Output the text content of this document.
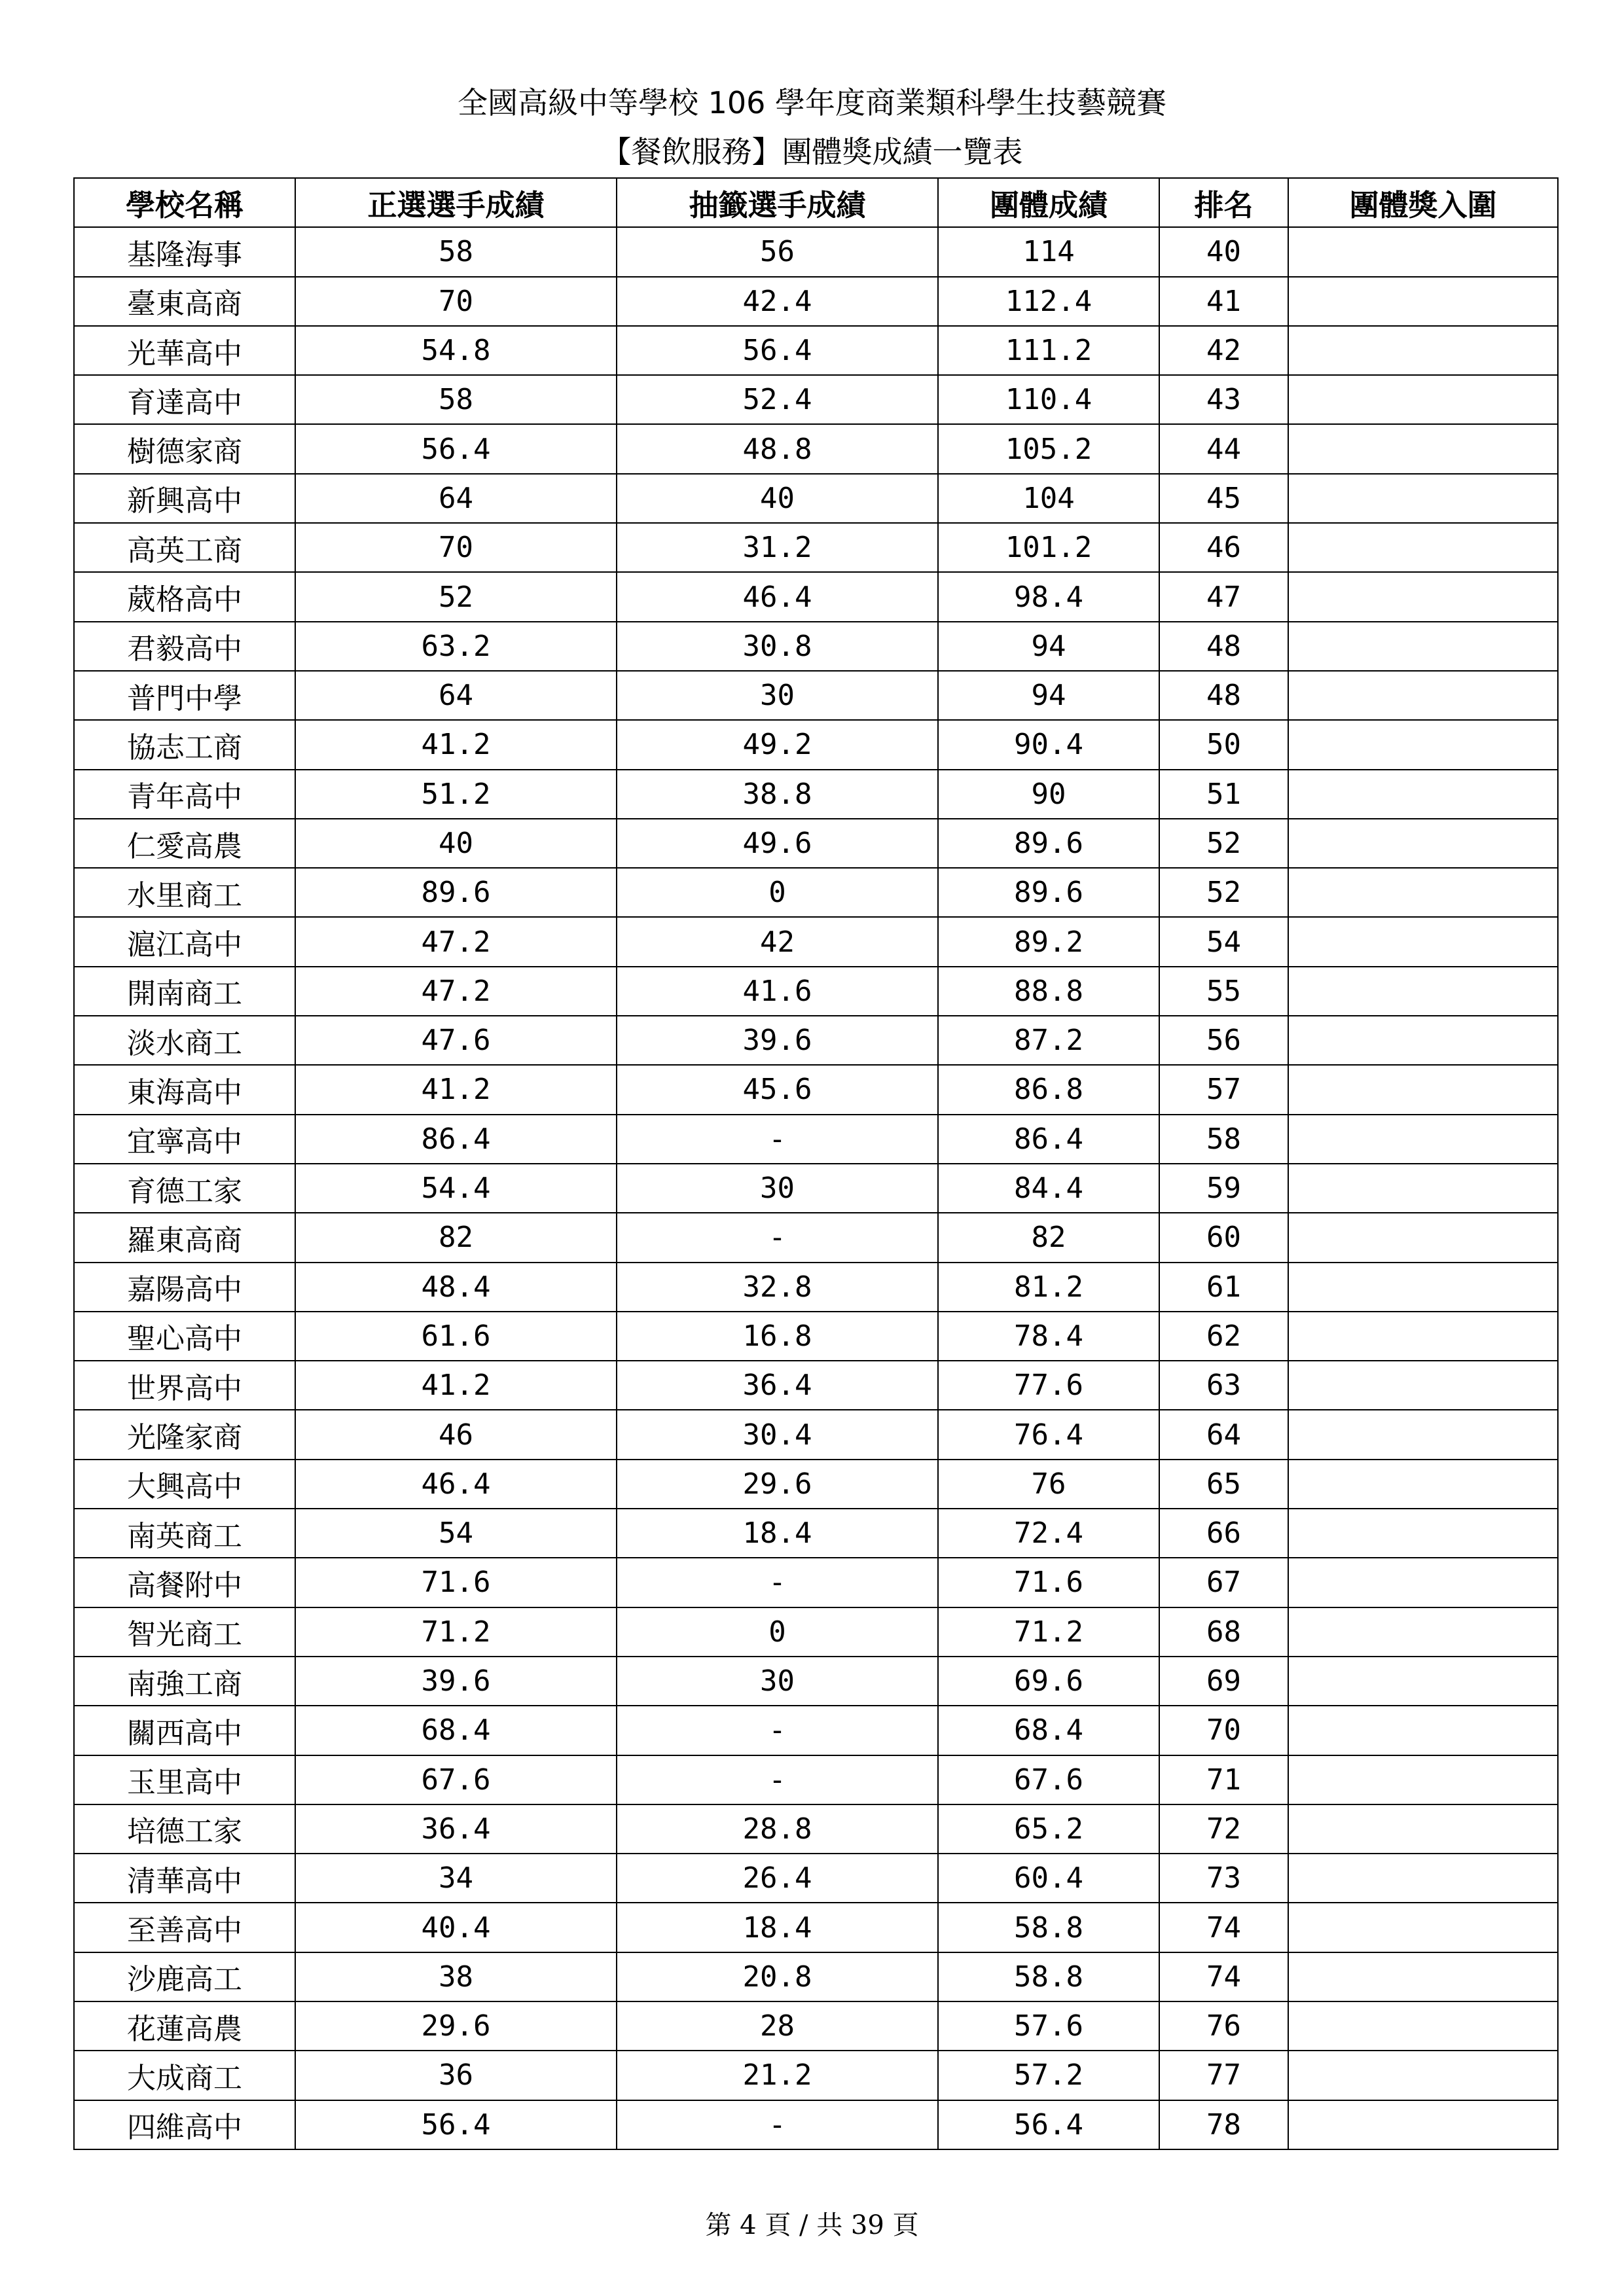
全國高級中等學校 106 學年度商業類科學生技藝競賽
【餐飲服務】團體獎成績一覽表
學校名稱	正選選手成績	抽籤選手成績	團體成績	排名	團體獎入圍
基隆海事	58	56	114	40	
臺東高商	70	42.4	112.4	41	
光華高中	54.8	56.4	111.2	42	
育達高中	58	52.4	110.4	43	
樹德家商	56.4	48.8	105.2	44	
新興高中	64	40	104	45	
高英工商	70	31.2	101.2	46	
葳格高中	52	46.4	98.4	47	
君毅高中	63.2	30.8	94	48	
普門中學	64	30	94	48	
協志工商	41.2	49.2	90.4	50	
青年高中	51.2	38.8	90	51	
仁愛高農	40	49.6	89.6	52	
水里商工	89.6	0	89.6	52	
滬江高中	47.2	42	89.2	54	
開南商工	47.2	41.6	88.8	55	
淡水商工	47.6	39.6	87.2	56	
東海高中	41.2	45.6	86.8	57	
宜寧高中	86.4	-	86.4	58	
育德工家	54.4	30	84.4	59	
羅東高商	82	-	82	60	
嘉陽高中	48.4	32.8	81.2	61	
聖心高中	61.6	16.8	78.4	62	
世界高中	41.2	36.4	77.6	63	
光隆家商	46	30.4	76.4	64	
大興高中	46.4	29.6	76	65	
南英商工	54	18.4	72.4	66	
高餐附中	71.6	-	71.6	67	
智光商工	71.2	0	71.2	68	
南強工商	39.6	30	69.6	69	
關西高中	68.4	-	68.4	70	
玉里高中	67.6	-	67.6	71	
培德工家	36.4	28.8	65.2	72	
清華高中	34	26.4	60.4	73	
至善高中	40.4	18.4	58.8	74	
沙鹿高工	38	20.8	58.8	74	
花蓮高農	29.6	28	57.6	76	
大成商工	36	21.2	57.2	77	
四維高中	56.4	-	56.4	78	
第 4 頁 / 共 39 頁
